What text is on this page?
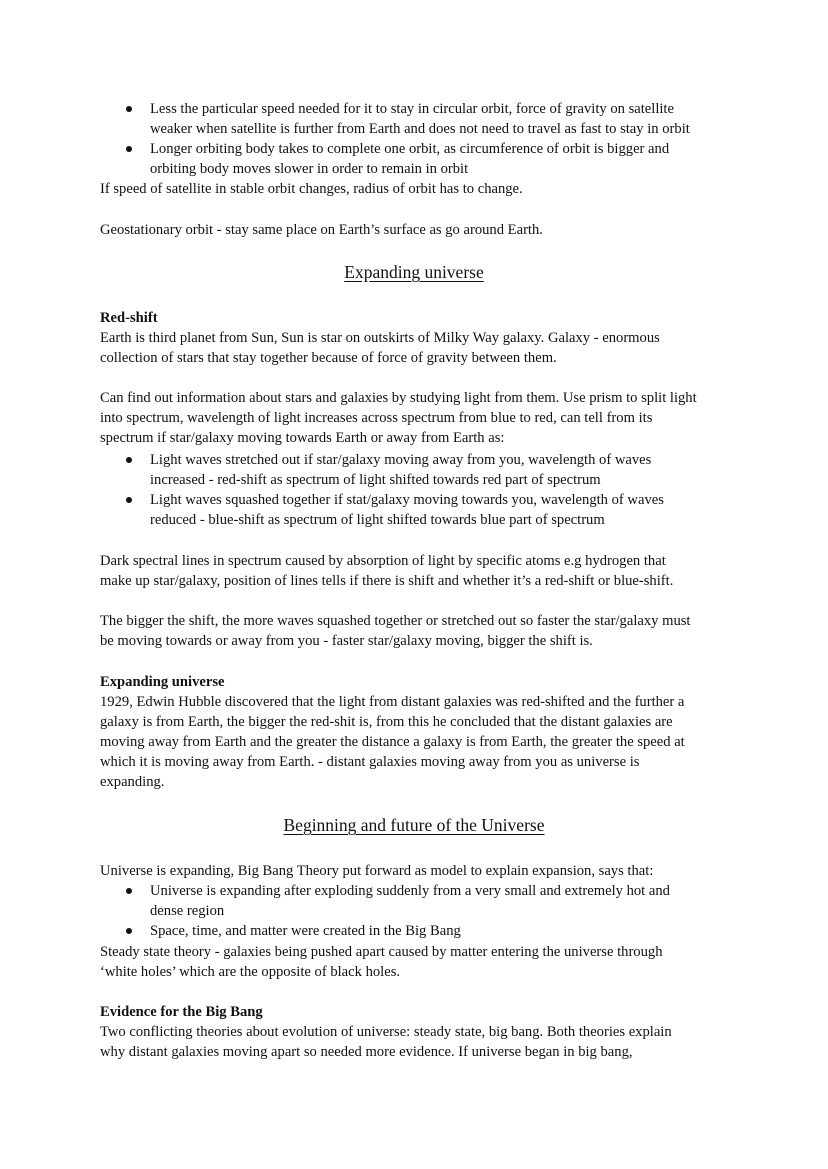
Less the particular speed needed for it to stay in circular orbit, force of gravity on satellite
weaker when satellite is further from Earth and does not need to travel as fast to stay in orbit
Longer orbiting body takes to complete one orbit, as circumference of orbit is bigger and
orbiting body moves slower in order to remain in orbit
If speed of satellite in stable orbit changes, radius of orbit has to change.
Geostationary orbit - stay same place on Earth’s surface as go around Earth.
Expanding universe
Red-shift
Earth is third planet from Sun, Sun is star on outskirts of Milky Way galaxy. Galaxy - enormous
collection of stars that stay together because of force of gravity between them.
Can find out information about stars and galaxies by studying light from them. Use prism to split light
into spectrum, wavelength of light increases across spectrum from blue to red, can tell from its
spectrum if star/galaxy moving towards Earth or away from Earth as:
Light waves stretched out if star/galaxy moving away from you, wavelength of waves
increased - red-shift as spectrum of light shifted towards red part of spectrum
Light waves squashed together if stat/galaxy moving towards you, wavelength of waves
reduced - blue-shift as spectrum of light shifted towards blue part of spectrum
Dark spectral lines in spectrum caused by absorption of light by specific atoms e.g hydrogen that
make up star/galaxy, position of lines tells if there is shift and whether it’s a red-shift or blue-shift.
The bigger the shift, the more waves squashed together or stretched out so faster the star/galaxy must
be moving towards or away from you - faster star/galaxy moving, bigger the shift is.
Expanding universe
1929, Edwin Hubble discovered that the light from distant galaxies was red-shifted and the further a
galaxy is from Earth, the bigger the red-shit is, from this he concluded that the distant galaxies are
moving away from Earth and the greater the distance a galaxy is from Earth, the greater the speed at
which it is moving away from Earth. - distant galaxies moving away from you as universe is
expanding.
Beginning and future of the Universe
Universe is expanding, Big Bang Theory put forward as model to explain expansion, says that:
Universe is expanding after exploding suddenly from a very small and extremely hot and
dense region
Space, time, and matter were created in the Big Bang
Steady state theory - galaxies being pushed apart caused by matter entering the universe through
‘white holes’ which are the opposite of black holes.
Evidence for the Big Bang
Two conflicting theories about evolution of universe: steady state, big bang. Both theories explain
why distant galaxies moving apart so needed more evidence. If universe began in big bang,
